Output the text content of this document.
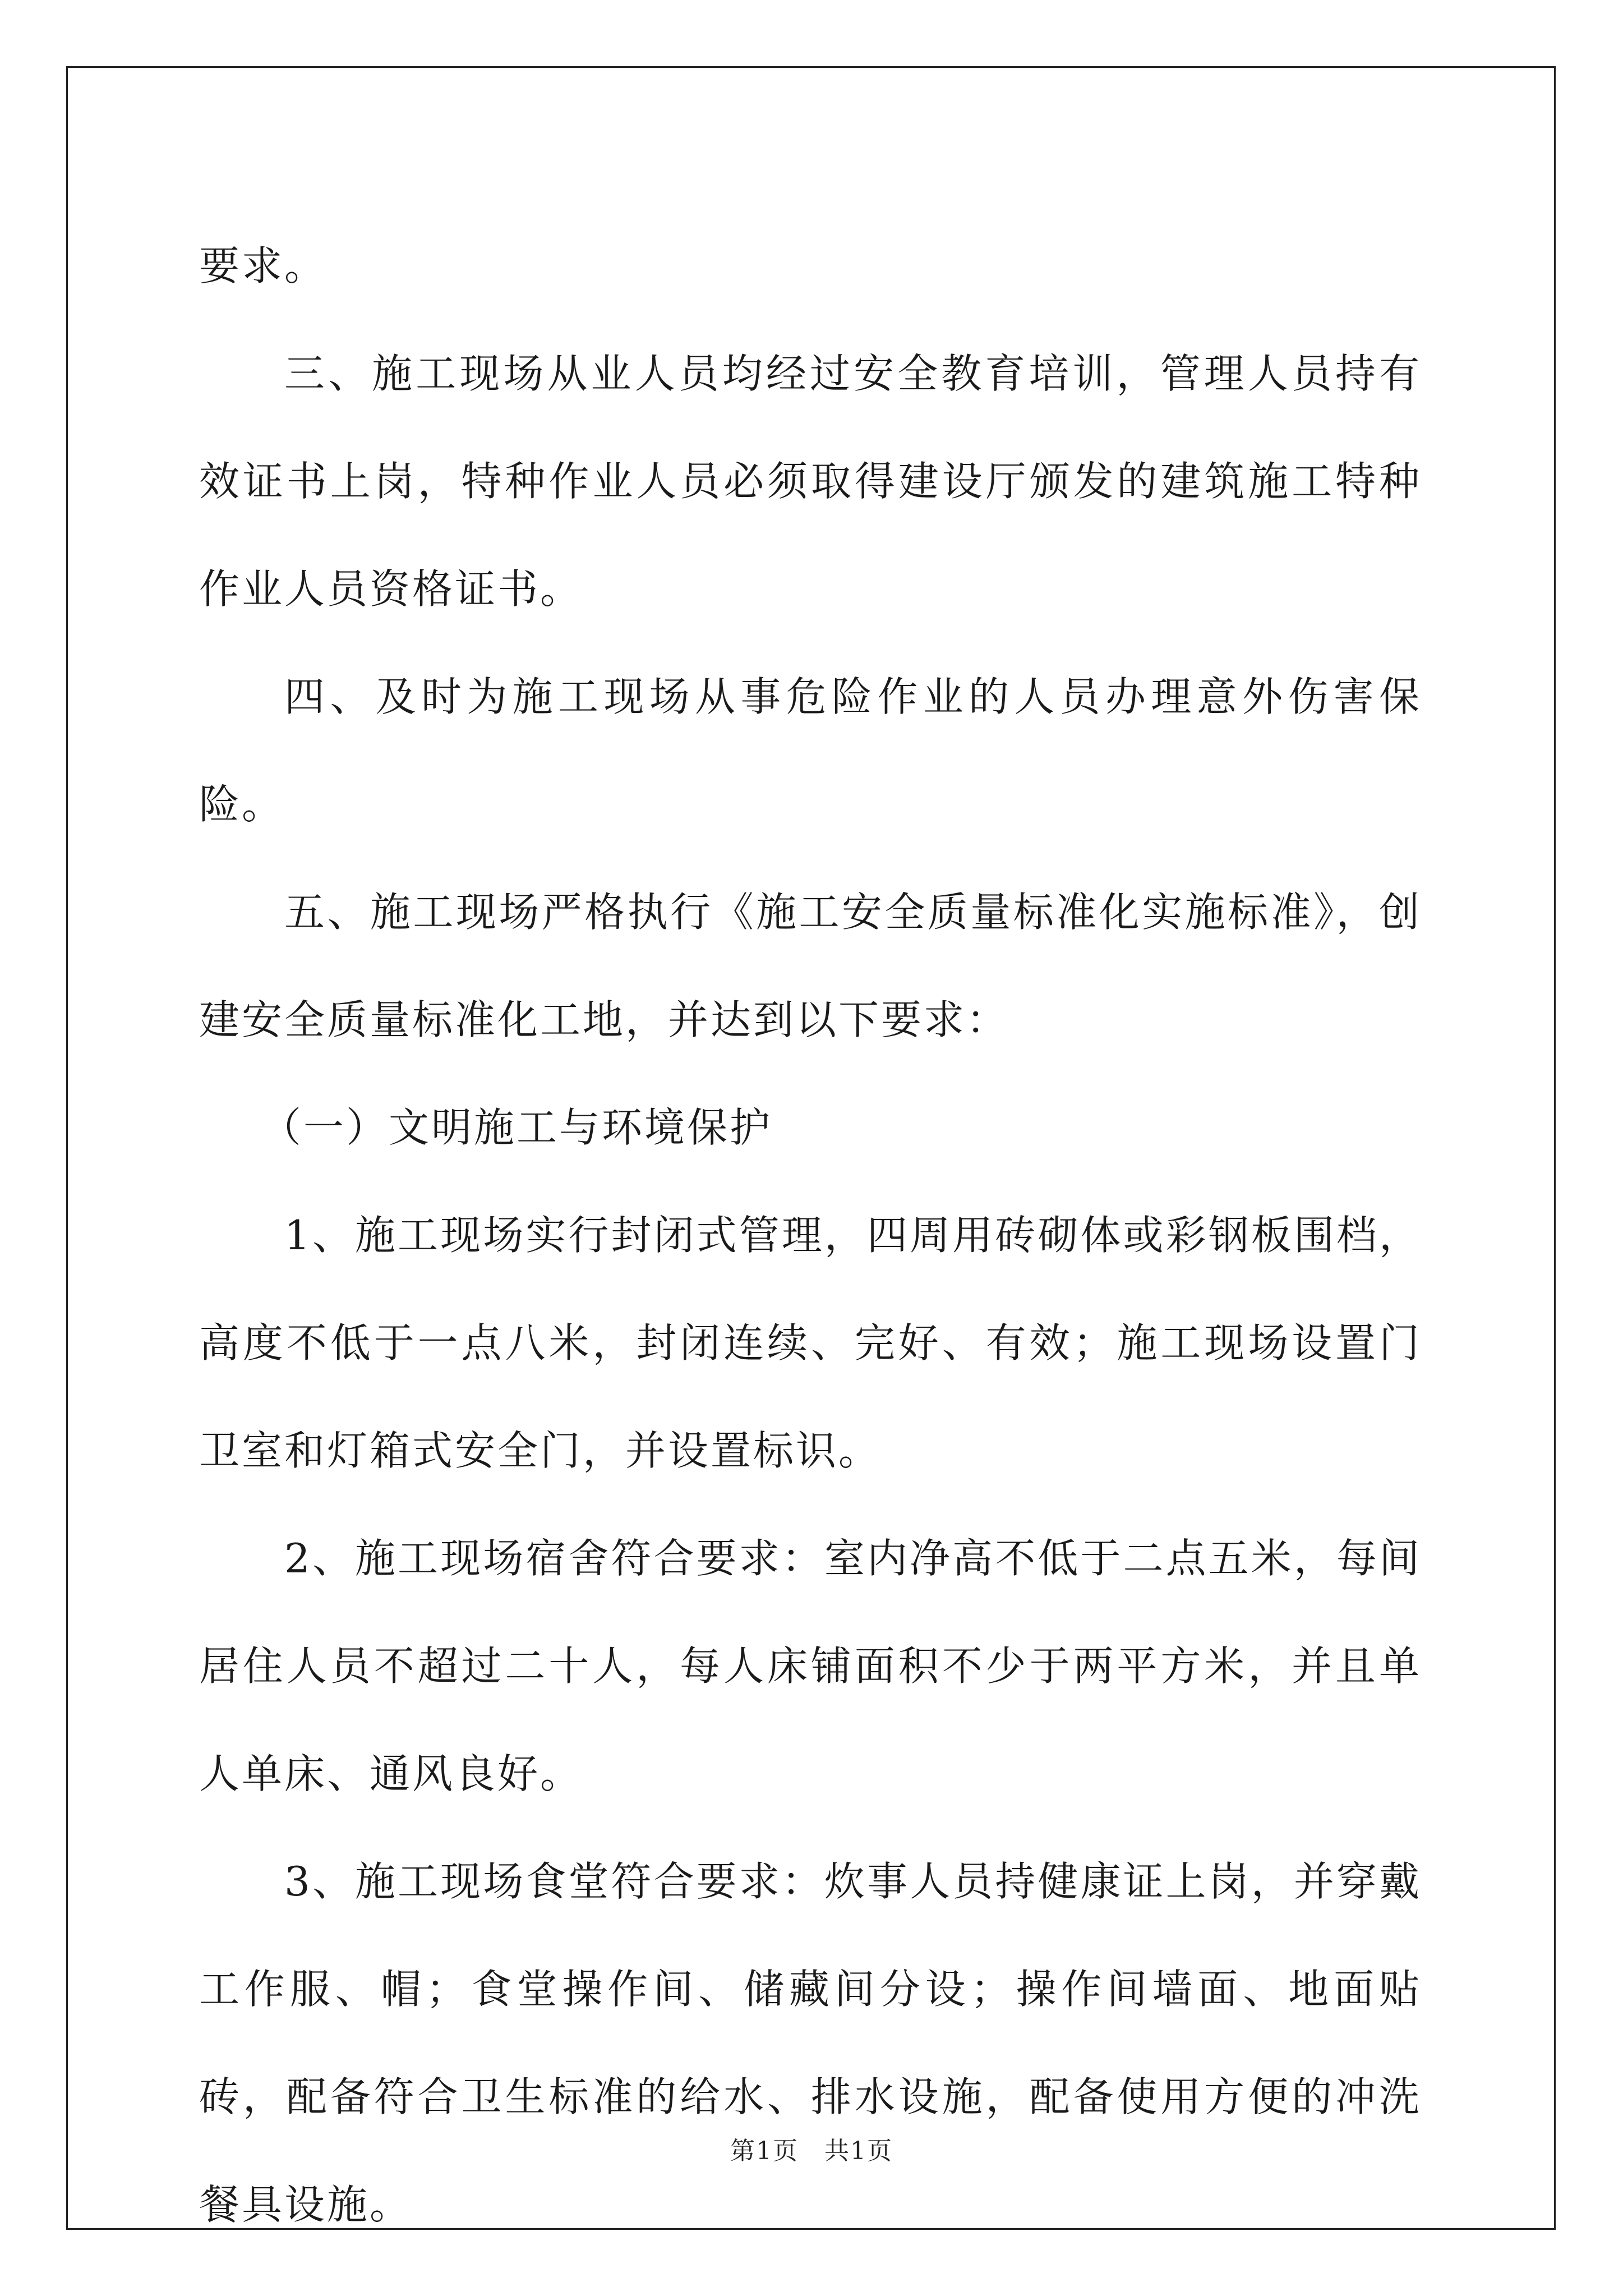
要求。

三、施工现场从业人员均经过安全教育培训，管理人员持有效证书上岗，特种作业人员必须取得建设厅颁发的建筑施工特种作业人员资格证书。

四、及时为施工现场从事危险作业的人员办理意外伤害保险。

五、施工现场严格执行《施工安全质量标准化实施标准》，创建安全质量标准化工地，并达到以下要求：

（一）文明施工与环境保护

1、施工现场实行封闭式管理，四周用砖砌体或彩钢板围档，高度不低于一点八米，封闭连续、完好、有效；施工现场设置门卫室和灯箱式安全门，并设置标识。

2、施工现场宿舍符合要求：室内净高不低于二点五米，每间居住人员不超过二十人，每人床铺面积不少于两平方米，并且单人单床、通风良好。

3、施工现场食堂符合要求：炊事人员持健康证上岗，并穿戴工作服、帽；食堂操作间、储藏间分设；操作间墙面、地面贴砖，配备符合卫生标准的给水、排水设施，配备使用方便的冲洗餐具设施。

第1页　共1页
